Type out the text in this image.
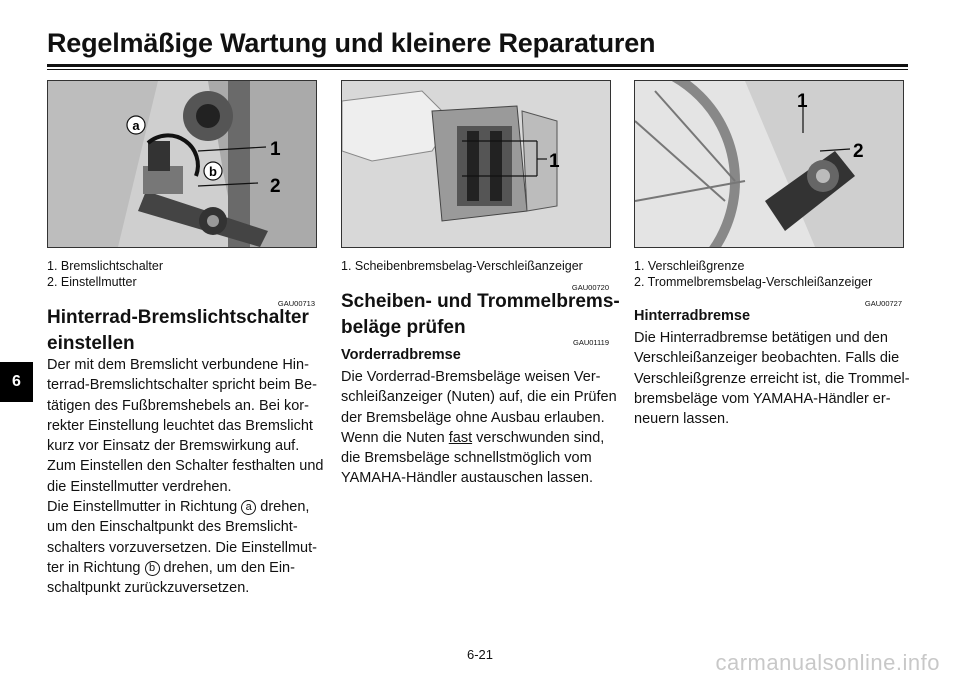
Regelmäßige Wartung und kleinere Reparaturen
6
a
b
1
2
1
1
2
1. Bremslichtschalter
2. Einstellmutter
GAU00713
Hinterrad-Bremslichtschalter
einstellen
Der mit dem Bremslicht verbundene Hin-
terrad-Bremslichtschalter spricht beim Be-
tätigen des Fußbremshebels an. Bei kor-
rekter Einstellung leuchtet das Bremslicht
kurz vor Einsatz der Bremswirkung auf.
Zum Einstellen den Schalter festhalten und
die Einstellmutter verdrehen.
Die Einstellmutter in Richtung a drehen,
um den Einschaltpunkt des Bremslicht-
schalters vorzuversetzen. Die Einstellmut-
ter in Richtung b drehen, um den Ein-
schaltpunkt zurückzuversetzen.
1. Scheibenbremsbelag-Verschleißanzeiger
GAU00720
Scheiben- und Trommelbrems-
beläge prüfen
GAU01119
Vorderradbremse
Die Vorderrad-Bremsbeläge weisen Ver-
schleißanzeiger (Nuten) auf, die ein Prüfen
der Bremsbeläge ohne Ausbau erlauben.
Wenn die Nuten fast verschwunden sind,
die Bremsbeläge schnellstmöglich vom
YAMAHA-Händler austauschen lassen.
1. Verschleißgrenze
2. Trommelbremsbelag-Verschleißanzeiger
GAU00727
Hinterradbremse
Die Hinterradbremse betätigen und den
Verschleißanzeiger beobachten. Falls die
Verschleißgrenze erreicht ist, die Trommel-
bremsbeläge vom YAMAHA-Händler er-
neuern lassen.
6-21	carmanualsonline.info
